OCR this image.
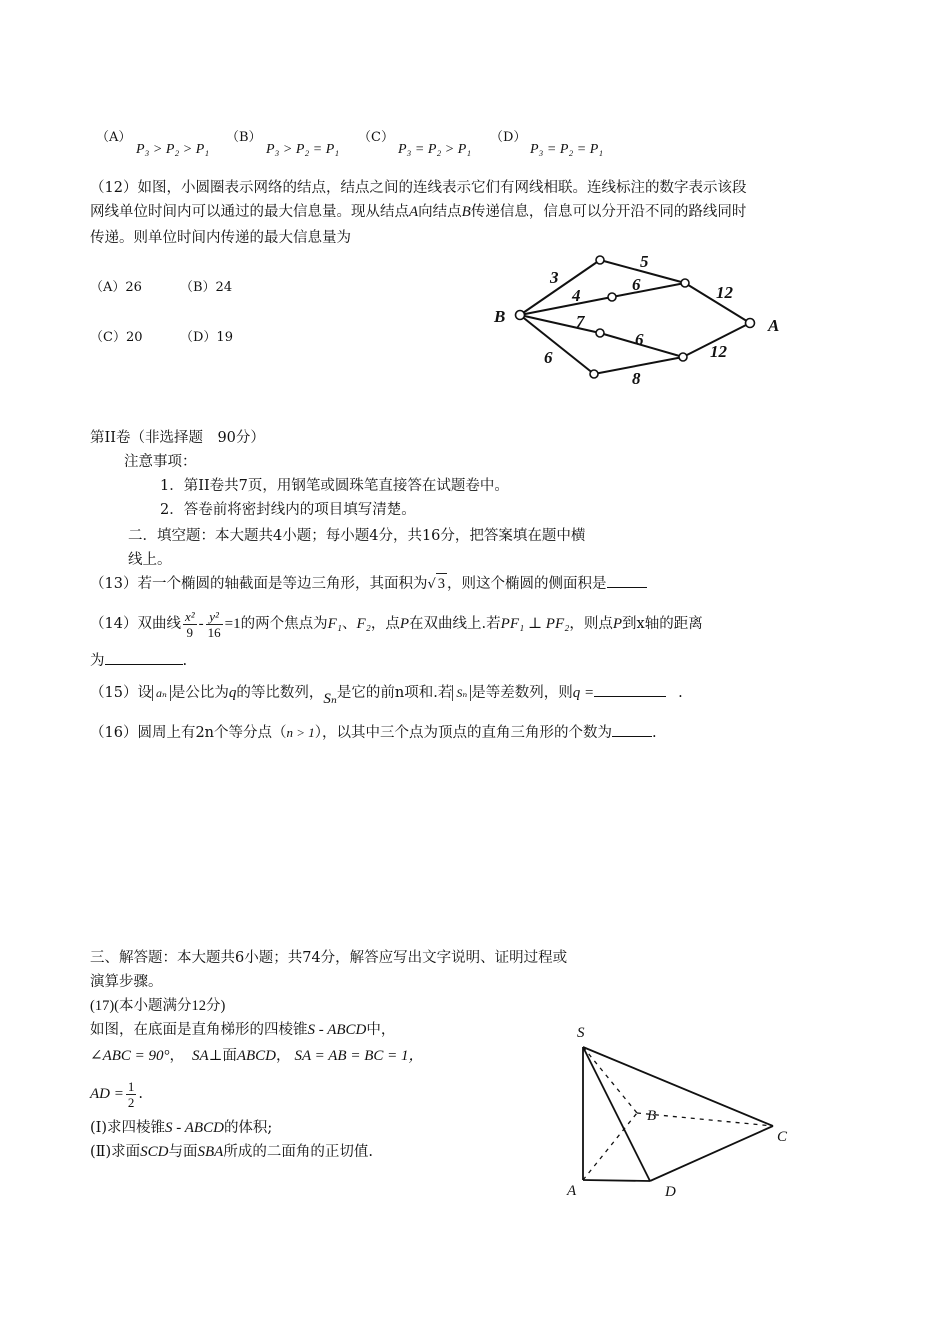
（A）
P₃ > P₂ > P₁
（B）
P₃ > P₂ = P₁
（C）
P₃ = P₂ > P₁
（D）
P₃ = P₂ = P₁
（12）如图，小圆圈表示网络的结点，结点之间的连线表示它们有网线相联。连线标注的数字表示该段
网线单位时间内可以通过的最大信息量。现从结点A向结点B传递信息，信息可以分开沿不同的路线同时
传递。则单位时间内传递的最大信息量为
（A）26	（B）24
（C）20	（D）19
B	A
3
5
4
6	12
7
6
6
8
12
第II卷（非选择题　90分）
注意事项：
1．第II卷共7页，用钢笔或圆珠笔直接答在试题卷中。
2．答卷前将密封线内的项目填写清楚。
二．填空题：本大题共4小题；每小题4分，共16分，把答案填在题中横
线上。
（13）若一个椭圆的轴截面是等边三角形，其面积为√ 3 ，则这个椭圆的侧面积是
（14）双曲线 $\frac{\text{x²}}{9} - \frac{\text{y²}}{16} =1$的两个焦点为F₁、F₂，点P在双曲线上.若PF₁ ⊥ PF₂，则点P到x轴的距离
为	.
（15）设 aₙ 是公比为q的等比数列，Sₙ是它的前n项和.若 Sₙ 是等差数列，则q =	.
（16）圆周上有2n个等分点（n > 1），以其中三个点为顶点的直角三角形的个数为	.
三、解答题：本大题共6小题；共74分，解答应写出文字说明、证明过程或
演算步骤。
(17)(本小题满分12分)
如图，在底面是直角梯形的四棱锥S - ABCD中，
∠ABC = 90°， SA⊥面ABCD， SA = AB = BC = 1，
AD = $\frac{1}{2}$ .
(Ⅰ)求四棱锥S - ABCD的体积;
(Ⅱ)求面SCD与面SBA所成的二面角的正切值.
S
A
B
C
D
